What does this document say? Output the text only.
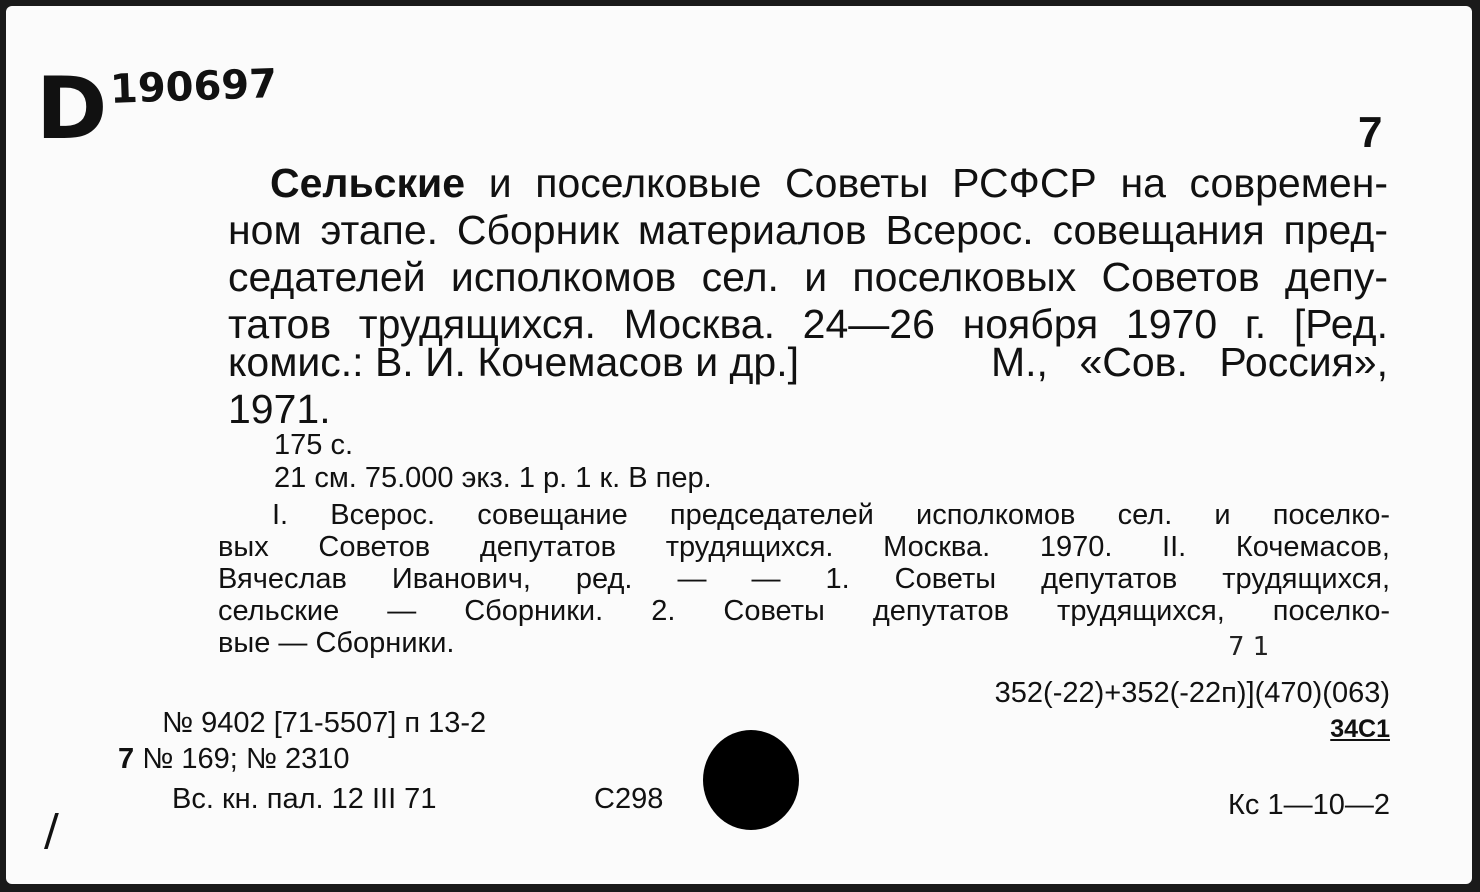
D 190697
7

Сельские и поселковые Советы РСФСР на современ-

ном этапе. Сборник материалов Всерос. совещания пред-

седателей исполкомов сел. и поселковых Советов депу-

татов трудящихся. Москва. 24—26 ноября 1970 г. [Ред.

комис.: В. И. Кочемасов и др.]	М., «Сов. Россия»,

1971.

175 с.
21 см. 75.000 экз. 1 р. 1 к. В пер.

I. Всерос. совещание председателей исполкомов сел. и поселко-

вых Советов депутатов трудящихся. Москва. 1970. II. Кочемасов,

Вячеслав Иванович, ред. — — 1. Советы депутатов трудящихся,

сельские — Сборники. 2. Советы депутатов трудящихся, поселко-

вые — Сборники.	7 1
352(-22)+352(-22п)](470)(063)
34С1
№ 9402 [71-5507] п 13-2
7 № 169; № 2310
Вс. кн. пал. 12 III 71	С298	Кс 1—10—2
/
